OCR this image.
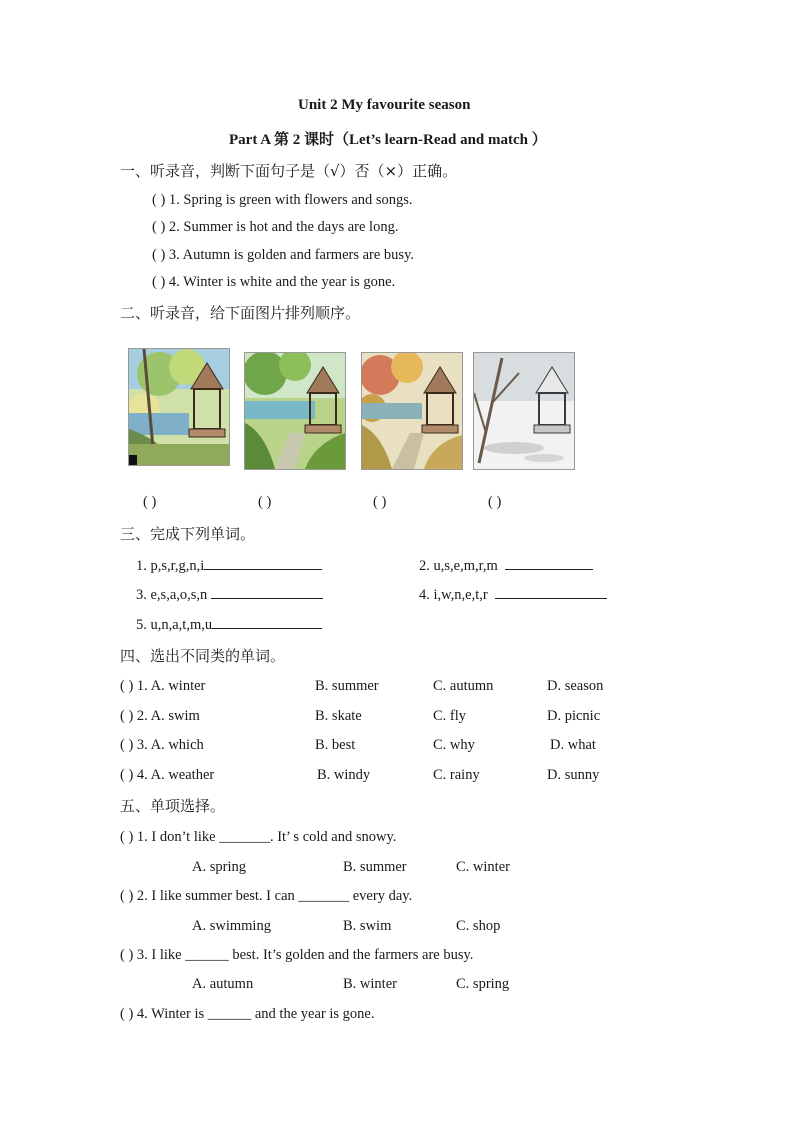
Unit 2 My favourite season
Part A 第 2 课时（Let’s learn-Read and match ）
一、听录音，判断下面句子是（√）否（×）正确。
( ) 1. Spring is green with flowers and songs.
( ) 2. Summer is hot and the days are long.
( ) 3. Autumn is golden and farmers are busy.
( ) 4. Winter is white and the year is gone.
二、听录音，给下面图片排列顺序。
( )	( )	( )	( )
三、完成下列单词。
1. p,s,r,g,n,i	2. u,s,e,m,r,m
3. e,s,a,o,s,n	4. i,w,n,e,t,r
5. u,n,a,t,m,u
四、选出不同类的单词。
( ) 1. A. winter	B. summer	C. autumn	D. season
( ) 2. A. swim	B. skate	C. fly	D. picnic
( ) 3. A. which	B. best	C. why	D. what
( ) 4. A. weather	B. windy	C. rainy	D. sunny
五、单项选择。
( ) 1. I don’t like _______. It’ s cold and snowy.
A. spring	B. summer	C. winter
( ) 2. I like summer best. I can _______ every day.
A. swimming	B. swim	C. shop
( ) 3. I like ______ best. It’s golden and the farmers are busy.
A. autumn	B. winter	C. spring
( ) 4. Winter is ______ and the year is gone.
